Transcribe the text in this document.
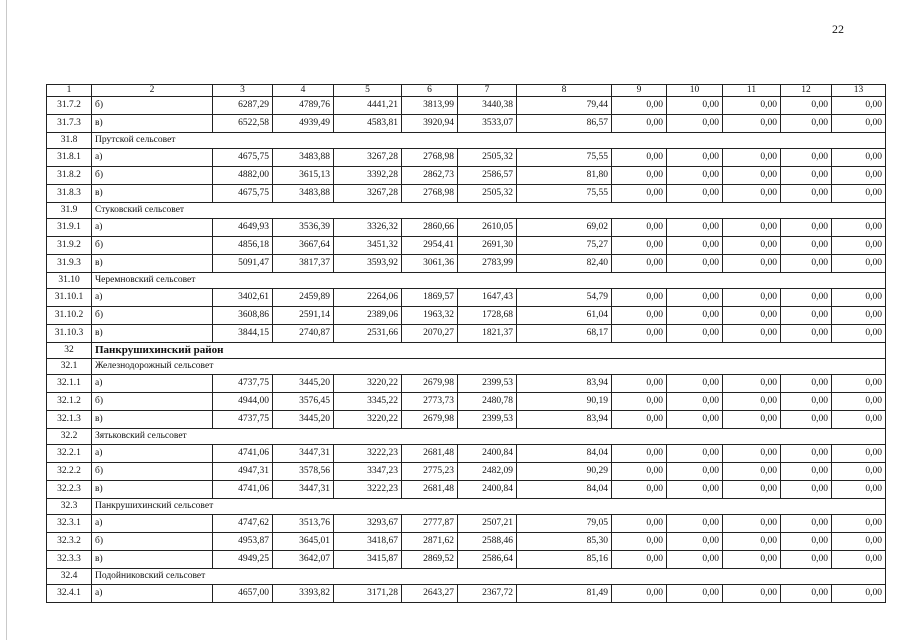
22
1	2	3	4	5	6	7	8	9	10	11	12	13
31.7.2	б)	6287,29	4789,76	4441,21	3813,99	3440,38	79,44	0,00	0,00	0,00	0,00	0,00
31.7.3	в)	6522,58	4939,49	4583,81	3920,94	3533,07	86,57	0,00	0,00	0,00	0,00	0,00
31.8	Прутской сельсовет											
31.8.1	а)	4675,75	3483,88	3267,28	2768,98	2505,32	75,55	0,00	0,00	0,00	0,00	0,00
31.8.2	б)	4882,00	3615,13	3392,28	2862,73	2586,57	81,80	0,00	0,00	0,00	0,00	0,00
31.8.3	в)	4675,75	3483,88	3267,28	2768,98	2505,32	75,55	0,00	0,00	0,00	0,00	0,00
31.9	Стуковский сельсовет											
31.9.1	а)	4649,93	3536,39	3326,32	2860,66	2610,05	69,02	0,00	0,00	0,00	0,00	0,00
31.9.2	б)	4856,18	3667,64	3451,32	2954,41	2691,30	75,27	0,00	0,00	0,00	0,00	0,00
31.9.3	в)	5091,47	3817,37	3593,92	3061,36	2783,99	82,40	0,00	0,00	0,00	0,00	0,00
31.10	Черемновский сельсовет											
31.10.1	а)	3402,61	2459,89	2264,06	1869,57	1647,43	54,79	0,00	0,00	0,00	0,00	0,00
31.10.2	б)	3608,86	2591,14	2389,06	1963,32	1728,68	61,04	0,00	0,00	0,00	0,00	0,00
31.10.3	в)	3844,15	2740,87	2531,66	2070,27	1821,37	68,17	0,00	0,00	0,00	0,00	0,00
32	Панкрушихинский район											
32.1	Железнодорожный сельсовет											
32.1.1	а)	4737,75	3445,20	3220,22	2679,98	2399,53	83,94	0,00	0,00	0,00	0,00	0,00
32.1.2	б)	4944,00	3576,45	3345,22	2773,73	2480,78	90,19	0,00	0,00	0,00	0,00	0,00
32.1.3	в)	4737,75	3445,20	3220,22	2679,98	2399,53	83,94	0,00	0,00	0,00	0,00	0,00
32.2	Зятьковский сельсовет											
32.2.1	а)	4741,06	3447,31	3222,23	2681,48	2400,84	84,04	0,00	0,00	0,00	0,00	0,00
32.2.2	б)	4947,31	3578,56	3347,23	2775,23	2482,09	90,29	0,00	0,00	0,00	0,00	0,00
32.2.3	в)	4741,06	3447,31	3222,23	2681,48	2400,84	84,04	0,00	0,00	0,00	0,00	0,00
32.3	Панкрушихинский сельсовет											
32.3.1	а)	4747,62	3513,76	3293,67	2777,87	2507,21	79,05	0,00	0,00	0,00	0,00	0,00
32.3.2	б)	4953,87	3645,01	3418,67	2871,62	2588,46	85,30	0,00	0,00	0,00	0,00	0,00
32.3.3	в)	4949,25	3642,07	3415,87	2869,52	2586,64	85,16	0,00	0,00	0,00	0,00	0,00
32.4	Подойниковский сельсовет											
32.4.1	а)	4657,00	3393,82	3171,28	2643,27	2367,72	81,49	0,00	0,00	0,00	0,00	0,00
